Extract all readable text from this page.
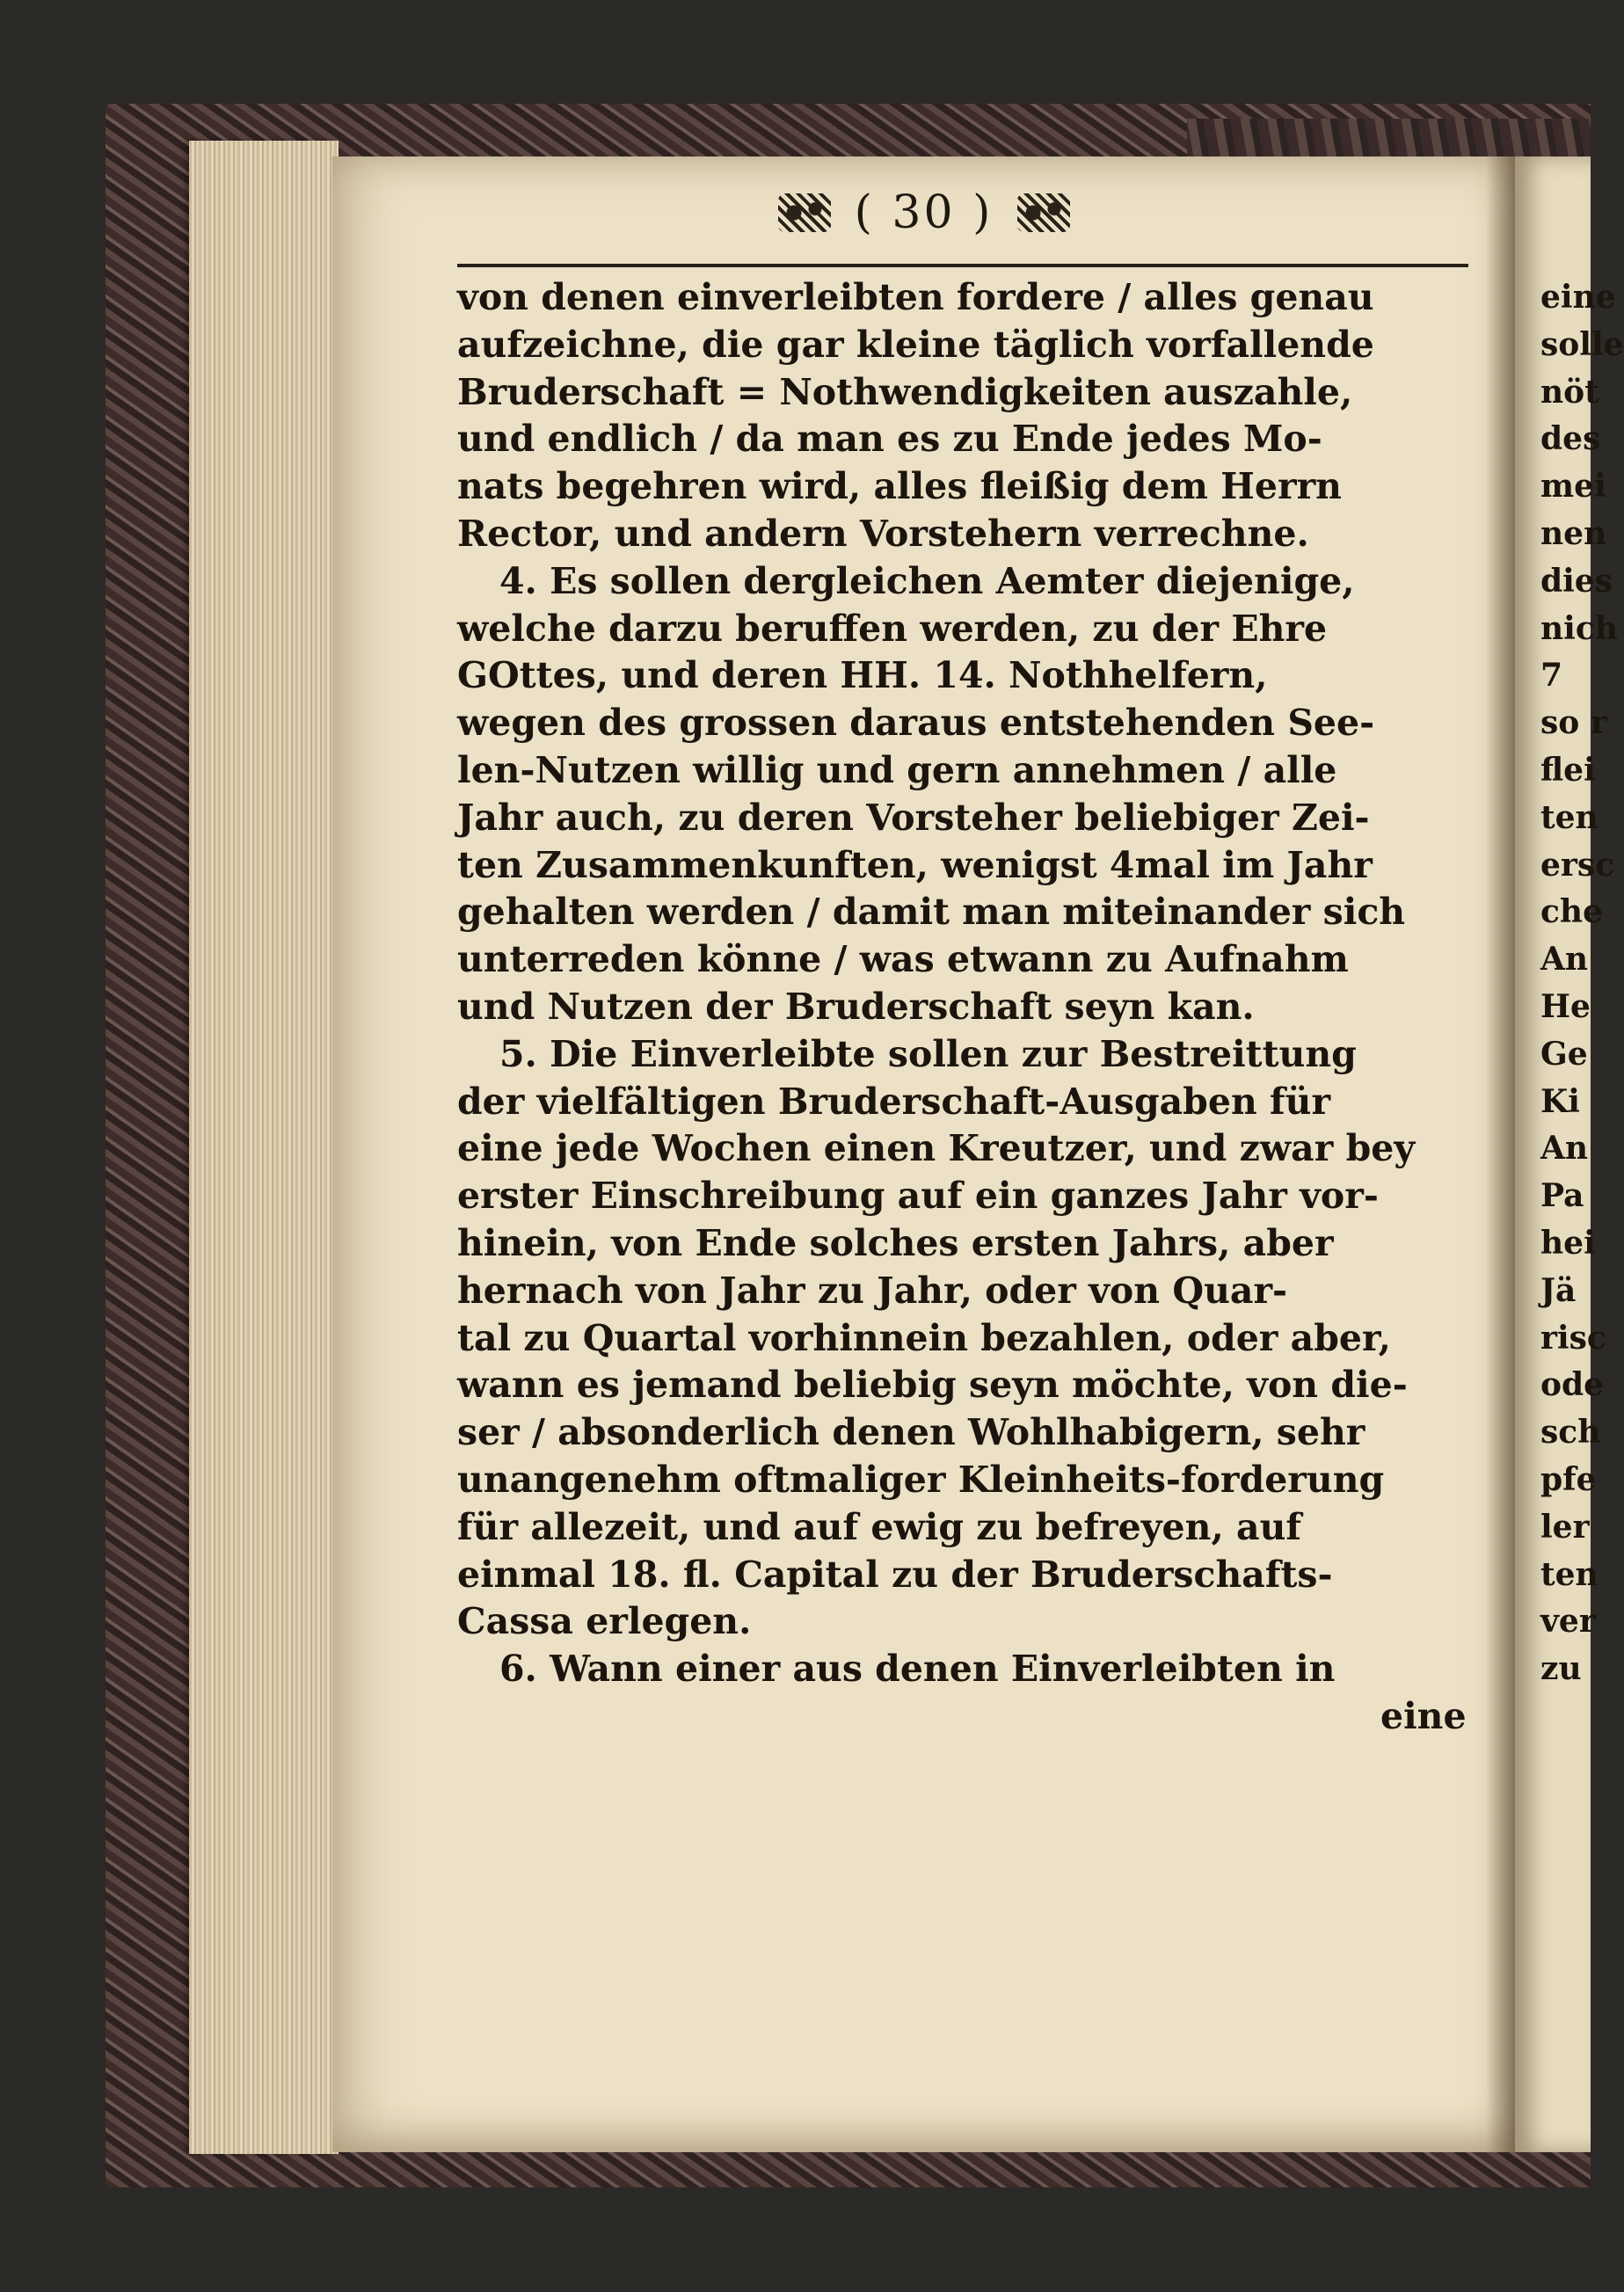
( 30 )
von denen einverleibten fordere / alles genau
aufzeichne, die gar kleine täglich vorfallende
Bruderschaft = Nothwendigkeiten auszahle,
und endlich / da man es zu Ende jedes Mo-
nats begehren wird, alles fleißig dem Herrn
Rector, und andern Vorstehern verrechne.
4. Es sollen dergleichen Aemter diejenige,
welche darzu beruffen werden, zu der Ehre
GOttes, und deren HH. 14. Nothhelfern,
wegen des grossen daraus entstehenden See-
len-Nutzen willig und gern annehmen / alle
Jahr auch, zu deren Vorsteher beliebiger Zei-
ten Zusammenkunften, wenigst 4mal im Jahr
gehalten werden / damit man miteinander sich
unterreden könne / was etwann zu Aufnahm
und Nutzen der Bruderschaft seyn kan.
5. Die Einverleibte sollen zur Bestreittung
der vielfältigen Bruderschaft-Ausgaben für
eine jede Wochen einen Kreutzer, und zwar bey
erster Einschreibung auf ein ganzes Jahr vor-
hinein, von Ende solches ersten Jahrs, aber
hernach von Jahr zu Jahr, oder von Quar-
tal zu Quartal vorhinnein bezahlen, oder aber,
wann es jemand beliebig seyn möchte, von die-
ser / absonderlich denen Wohlhabigern, sehr
unangenehm oftmaliger Kleinheits-forderung
für allezeit, und auf ewig zu befreyen, auf
einmal 18. fl. Capital zu der Bruderschafts-
Cassa erlegen.
6. Wann einer aus denen Einverleibten in
eine
eine
solle
nöt
des
mei
nen
dies
nich
7
so r
flei
ten
ersc
che
An
He
Ge
Ki
An
Pa
hei
Jä
risc
ode
sch
pfe
ler
ten
ver
zu
